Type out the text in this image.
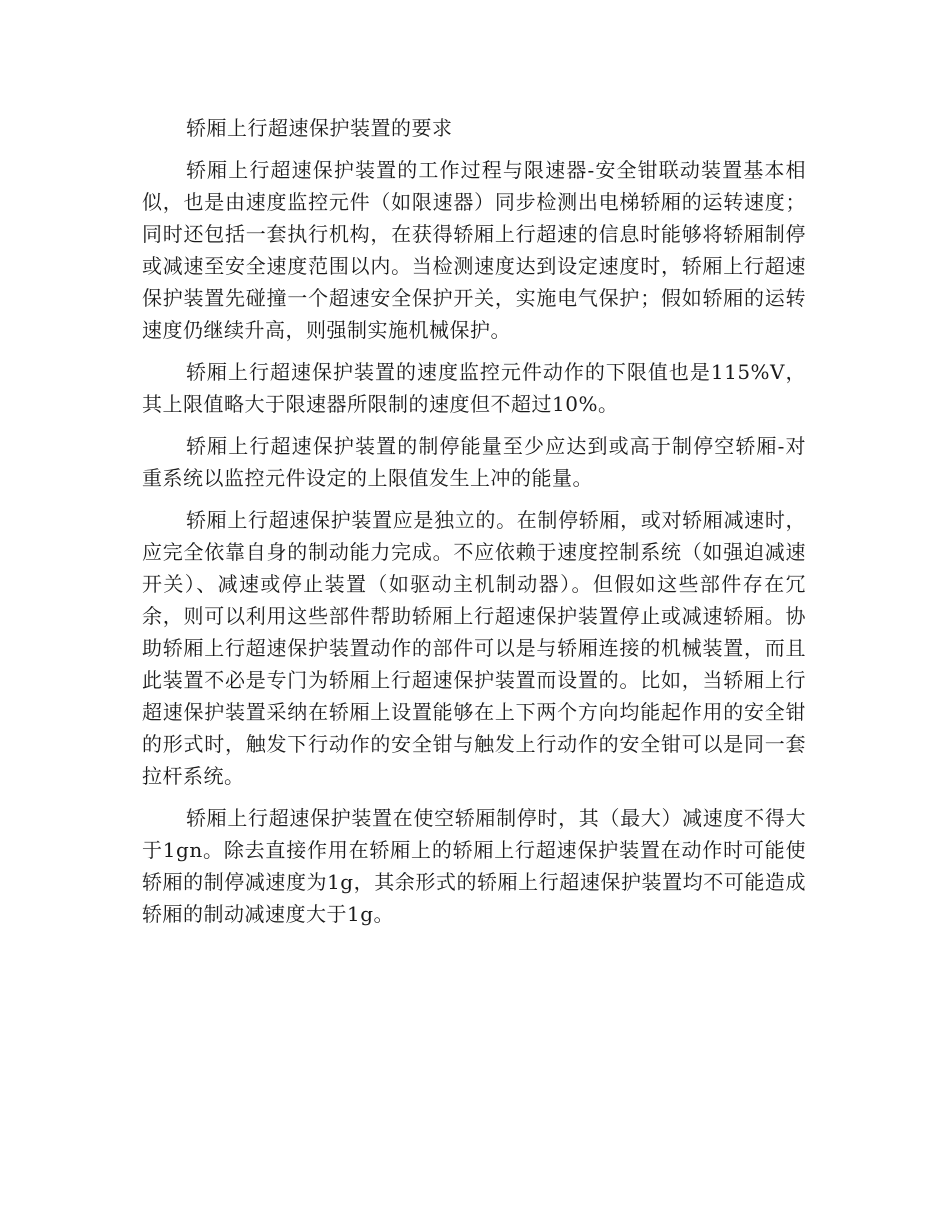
轿厢上行超速保护装置的要求

轿厢上行超速保护装置的工作过程与限速器-安全钳联动装置基本相似，也是由速度监控元件（如限速器）同步检测出电梯轿厢的运转速度；同时还包括一套执行机构，在获得轿厢上行超速的信息时能够将轿厢制停或减速至安全速度范围以内。当检测速度达到设定速度时，轿厢上行超速保护装置先碰撞一个超速安全保护开关，实施电气保护；假如轿厢的运转速度仍继续升高，则强制实施机械保护。

轿厢上行超速保护装置的速度监控元件动作的下限值也是115%V，其上限值略大于限速器所限制的速度但不超过10%。

轿厢上行超速保护装置的制停能量至少应达到或高于制停空轿厢-对重系统以监控元件设定的上限值发生上冲的能量。

轿厢上行超速保护装置应是独立的。在制停轿厢，或对轿厢减速时，应完全依靠自身的制动能力完成。不应依赖于速度控制系统（如强迫减速开关）、减速或停止装置（如驱动主机制动器）。但假如这些部件存在冗余，则可以利用这些部件帮助轿厢上行超速保护装置停止或减速轿厢。协助轿厢上行超速保护装置动作的部件可以是与轿厢连接的机械装置，而且此装置不必是专门为轿厢上行超速保护装置而设置的。比如，当轿厢上行超速保护装置采纳在轿厢上设置能够在上下两个方向均能起作用的安全钳的形式时，触发下行动作的安全钳与触发上行动作的安全钳可以是同一套拉杆系统。

轿厢上行超速保护装置在使空轿厢制停时，其（最大）减速度不得大于1gn。除去直接作用在轿厢上的轿厢上行超速保护装置在动作时可能使轿厢的制停减速度为1g，其余形式的轿厢上行超速保护装置均不可能造成轿厢的制动减速度大于1g。
